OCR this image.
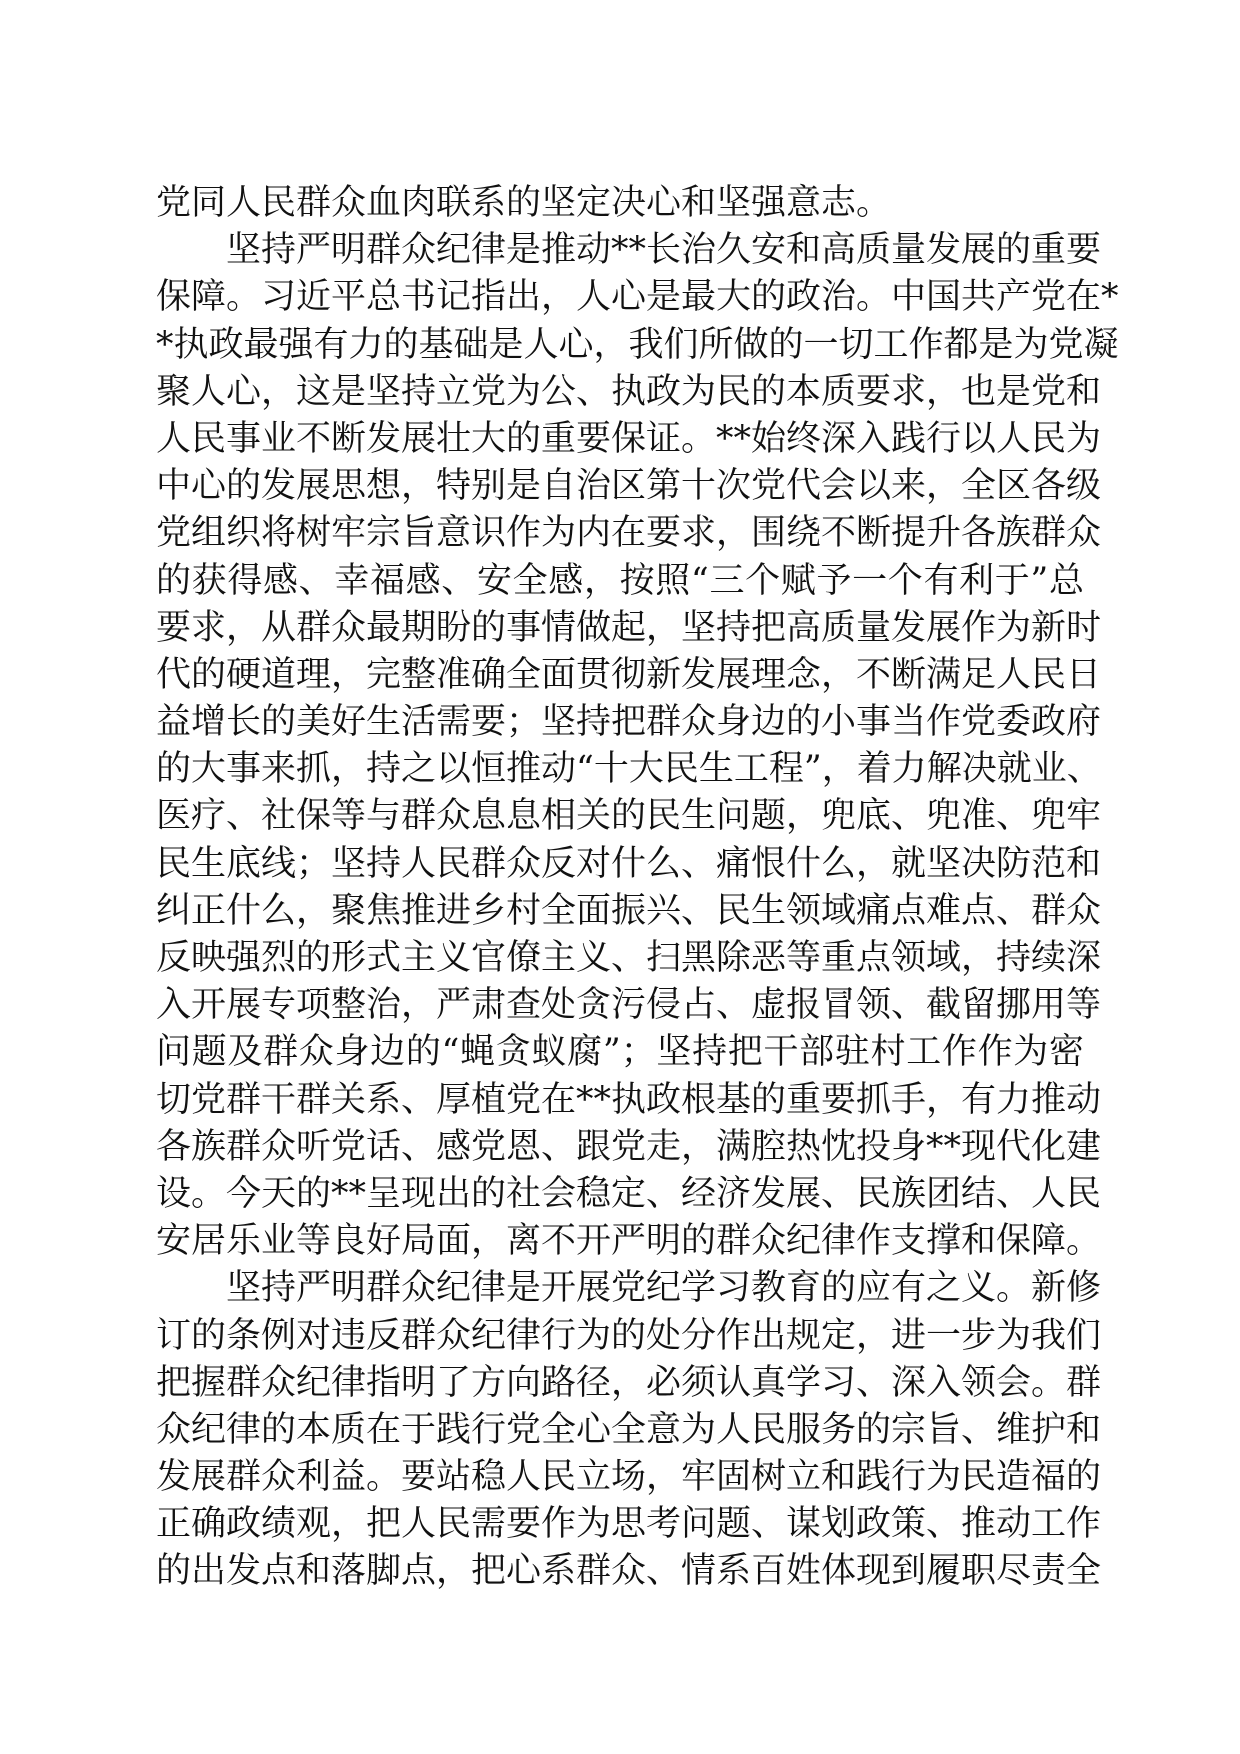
党同人民群众血肉联系的坚定决心和坚强意志。
坚持严明群众纪律是推动**长治久安和高质量发展的重要
保障。习近平总书记指出，人心是最大的政治。中国共产党在*
*执政最强有力的基础是人心，我们所做的一切工作都是为党凝
聚人心，这是坚持立党为公、执政为民的本质要求，也是党和
人民事业不断发展壮大的重要保证。**始终深入践行以人民为
中心的发展思想，特别是自治区第十次党代会以来，全区各级
党组织将树牢宗旨意识作为内在要求，围绕不断提升各族群众
的获得感、幸福感、安全感，按照“三个赋予一个有利于”总
要求，从群众最期盼的事情做起，坚持把高质量发展作为新时
代的硬道理，完整准确全面贯彻新发展理念，不断满足人民日
益增长的美好生活需要；坚持把群众身边的小事当作党委政府
的大事来抓，持之以恒推动“十大民生工程”，着力解决就业、
医疗、社保等与群众息息相关的民生问题，兜底、兜准、兜牢
民生底线；坚持人民群众反对什么、痛恨什么，就坚决防范和
纠正什么，聚焦推进乡村全面振兴、民生领域痛点难点、群众
反映强烈的形式主义官僚主义、扫黑除恶等重点领域，持续深
入开展专项整治，严肃查处贪污侵占、虚报冒领、截留挪用等
问题及群众身边的“蝇贪蚁腐”；坚持把干部驻村工作作为密
切党群干群关系、厚植党在**执政根基的重要抓手，有力推动
各族群众听党话、感党恩、跟党走，满腔热忱投身**现代化建
设。今天的**呈现出的社会稳定、经济发展、民族团结、人民
安居乐业等良好局面，离不开严明的群众纪律作支撑和保障。
坚持严明群众纪律是开展党纪学习教育的应有之义。新修
订的条例对违反群众纪律行为的处分作出规定，进一步为我们
把握群众纪律指明了方向路径，必须认真学习、深入领会。群
众纪律的本质在于践行党全心全意为人民服务的宗旨、维护和
发展群众利益。要站稳人民立场，牢固树立和践行为民造福的
正确政绩观，把人民需要作为思考问题、谋划政策、推动工作
的出发点和落脚点，把心系群众、情系百姓体现到履职尽责全
